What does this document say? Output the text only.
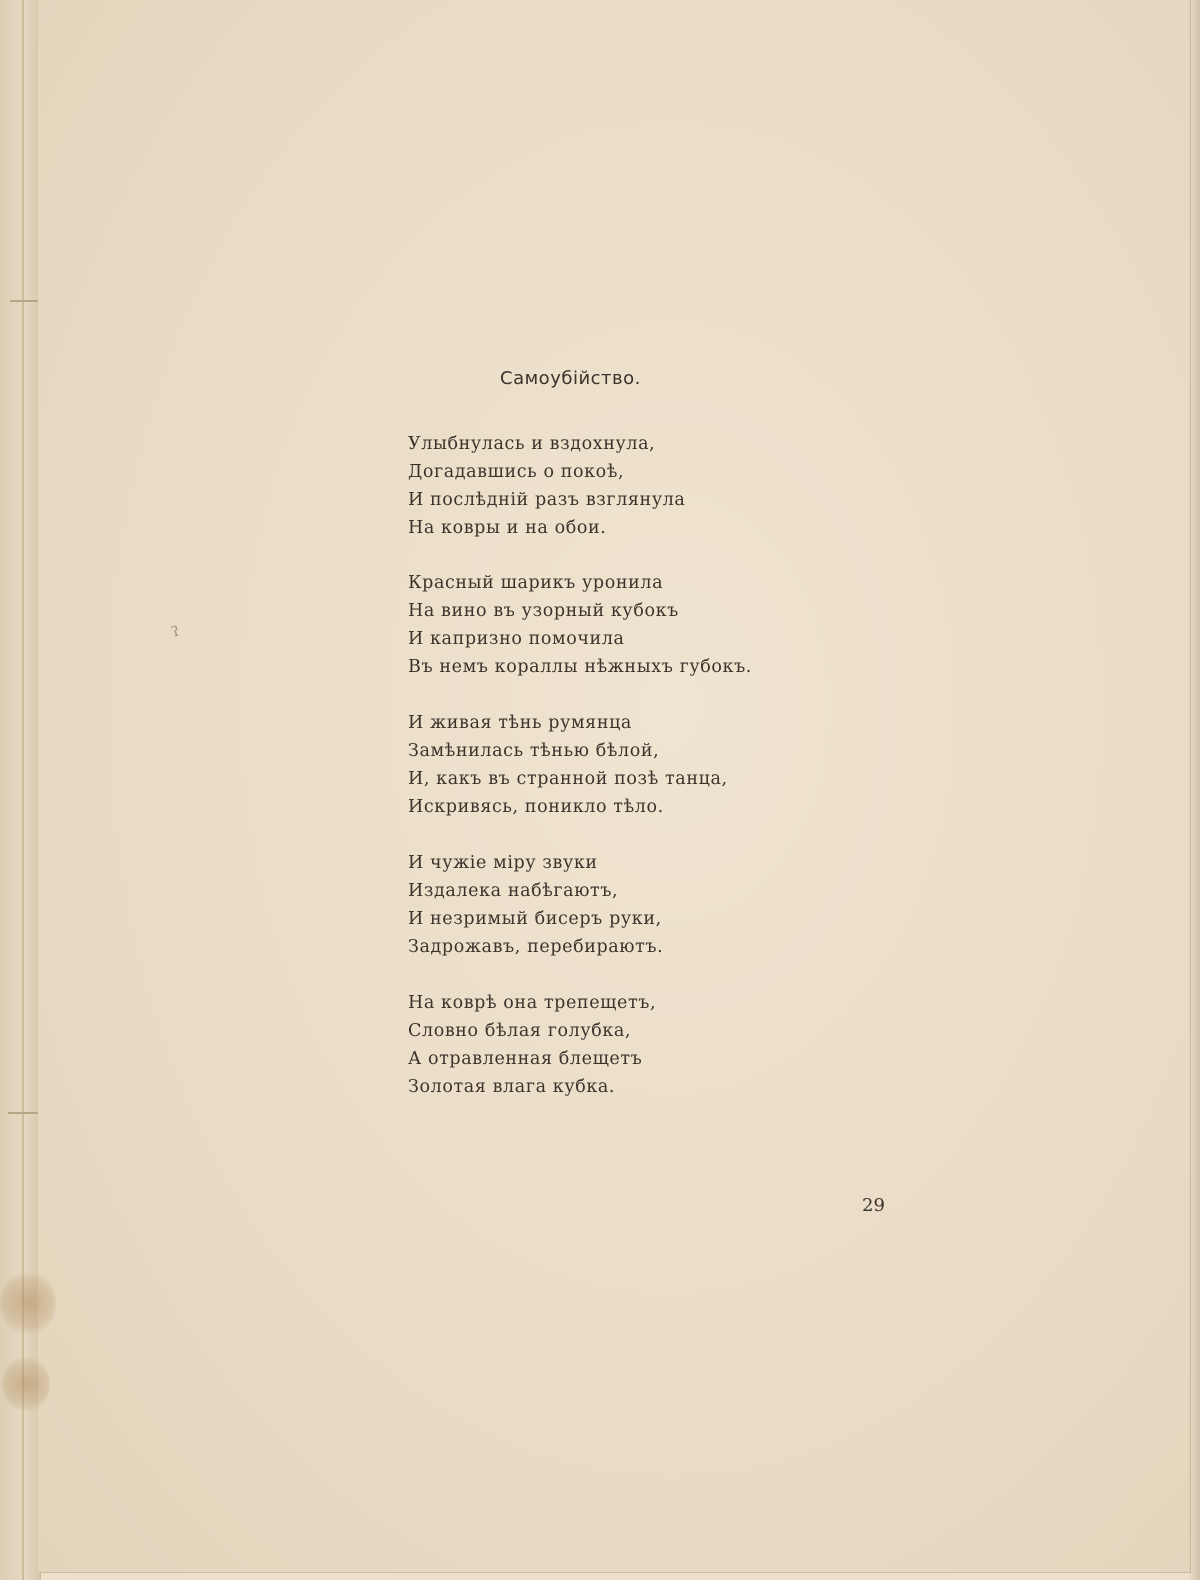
ʔ
Самоубійство.
Улыбнулась и вздохнула,
Догадавшись о покоѣ,
И послѣдній разъ взглянула
На ковры и на обои.
Красный шарикъ уронила
На вино въ узорный кубокъ
И капризно помочила
Въ немъ кораллы нѣжныхъ губокъ.
И живая тѣнь румянца
Замѣнилась тѣнью бѣлой,
И, какъ въ странной позѣ танца,
Искривясь, поникло тѣло.
И чужіе міру звуки
Издалека набѣгаютъ,
И незримый бисеръ руки,
Задрожавъ, перебираютъ.
На коврѣ она трепещетъ,
Словно бѣлая голубка,
А отравленная блещетъ
Золотая влага кубка.
29
